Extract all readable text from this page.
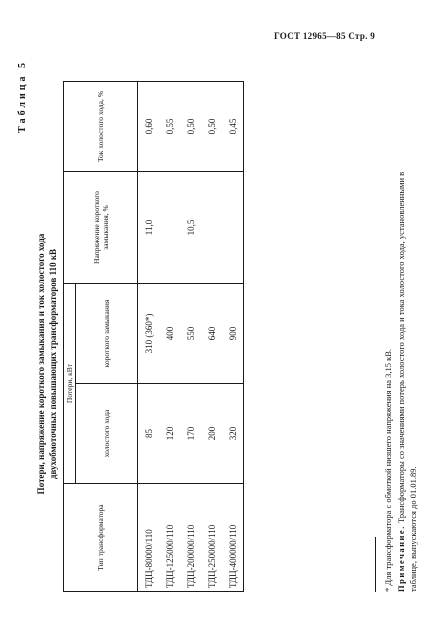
ГОСТ 12965—85 Стр. 9
Таблица 5
Потери, напряжение короткого замыкания и ток холостого хода двухобмоточных повышающих трансформаторов 110 кВ
Тип трансформатора	Потери, кВт		Напряжение короткого замыкания, %	Ток холостого хода, %
	холостого хода	короткого замыкания		
ТДЦ-80000/110	85	310 (360*)	11,0	0,60
ТДЦ-125000/110	120	400		0,55
ТДЦ-200000/110	170	550	10,5	0,50
ТДЦ-250000/110	200	640		0,50
ТДЦ-400000/110	320	900		0,45
* Для трансформатора с обмоткой низшего напряжения на 3,15 кВ. Примечание. Трансформаторы со значениями потерь холостого хода и тока холостого хода, установленными в таблице, выпускаются до 01.01.89.
